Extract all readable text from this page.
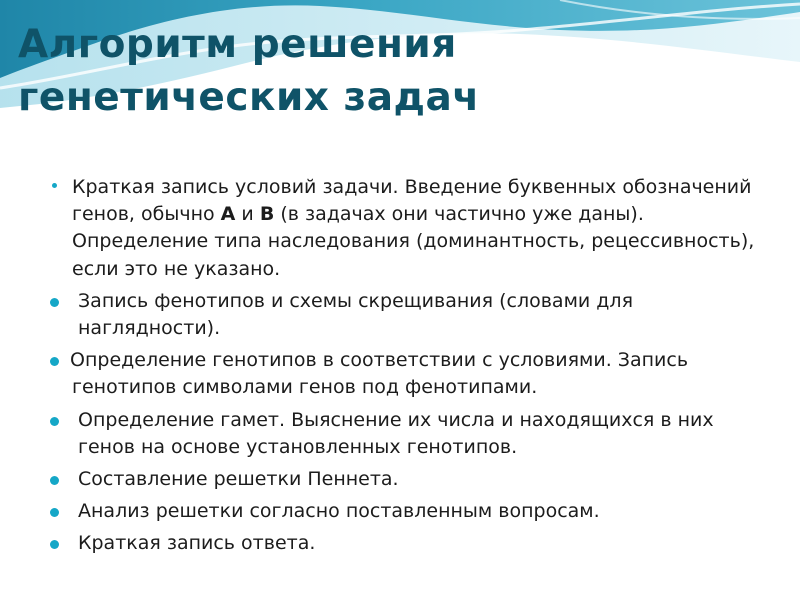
Алгоритм решения
генетических задач
Краткая запись условий задачи. Введение буквенных обозначений генов, обычно А и В (в задачах они частично уже даны). Определение типа наследования (доминантность, рецессивность), если это не указано.
Запись фенотипов и схемы скрещивания (словами для наглядности).
Определение генотипов в соответствии с условиями. Запись генотипов символами генов под фенотипами.
Определение гамет. Выяснение их числа и находящихся в них генов на основе установленных генотипов.
Составление решетки Пеннета.
Анализ решетки согласно поставленным вопросам.
Краткая запись ответа.
